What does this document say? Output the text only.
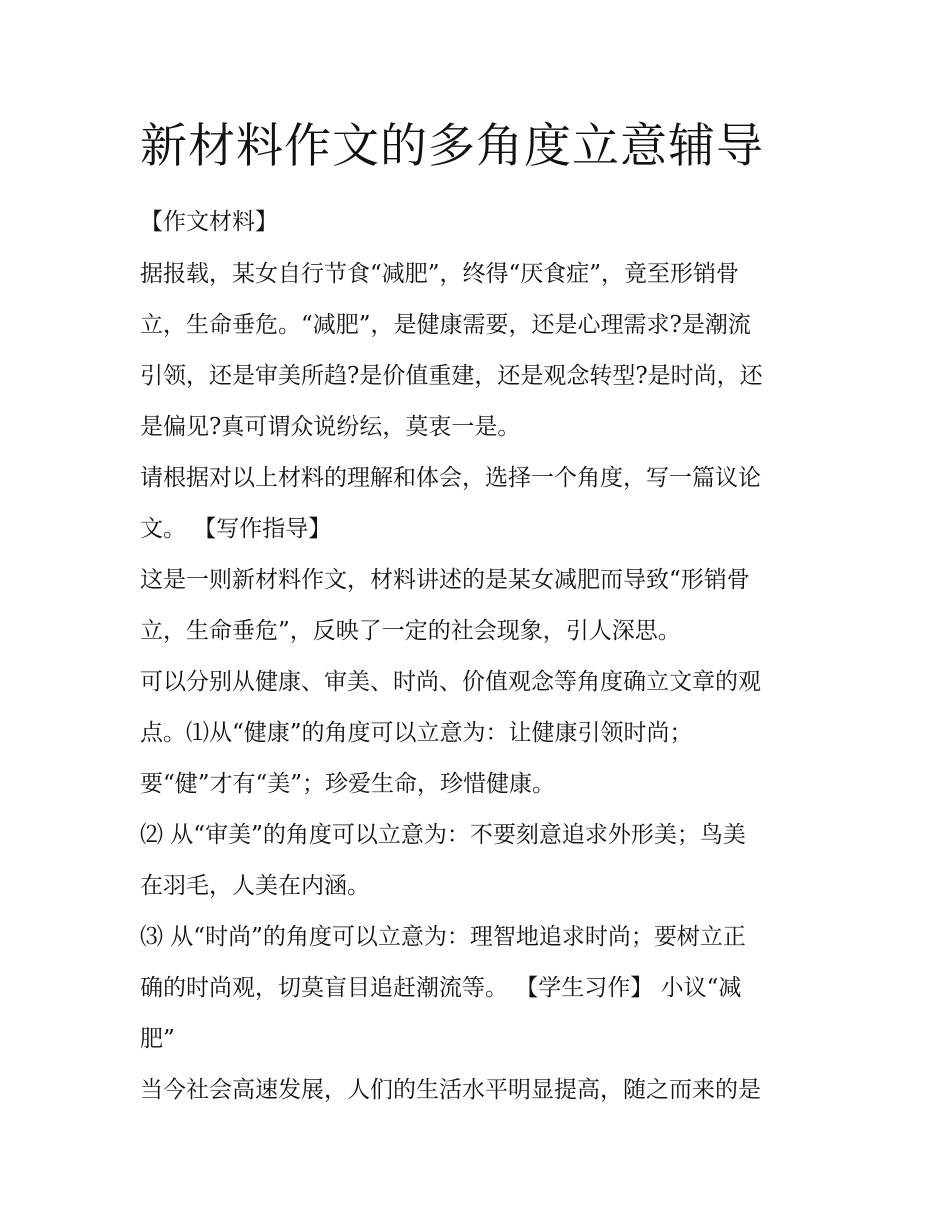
新材料作文的多角度立意辅导
【作文材料】
据报载，某女自行节食“减肥”，终得“厌食症”，竟至形销骨
立，生命垂危。“减肥”，是健康需要，还是心理需求?是潮流
引领，还是审美所趋?是价值重建，还是观念转型?是时尚，还
是偏见?真可谓众说纷纭，莫衷一是。
请根据对以上材料的理解和体会，选择一个角度，写一篇议论
文。 【写作指导】
这是一则新材料作文，材料讲述的是某女减肥而导致“形销骨
立，生命垂危”，反映了一定的社会现象，引人深思。
可以分别从健康、审美、时尚、价值观念等角度确立文章的观
点。⑴从“健康”的角度可以立意为：让健康引领时尚；
要“健”才有“美”；珍爱生命，珍惜健康。
⑵ 从“审美”的角度可以立意为：不要刻意追求外形美；鸟美
在羽毛，人美在内涵。
⑶ 从“时尚”的角度可以立意为：理智地追求时尚；要树立正
确的时尚观，切莫盲目追赶潮流等。 【学生习作】 小议“减
肥”
当今社会高速发展，人们的生活水平明显提高，随之而来的是
